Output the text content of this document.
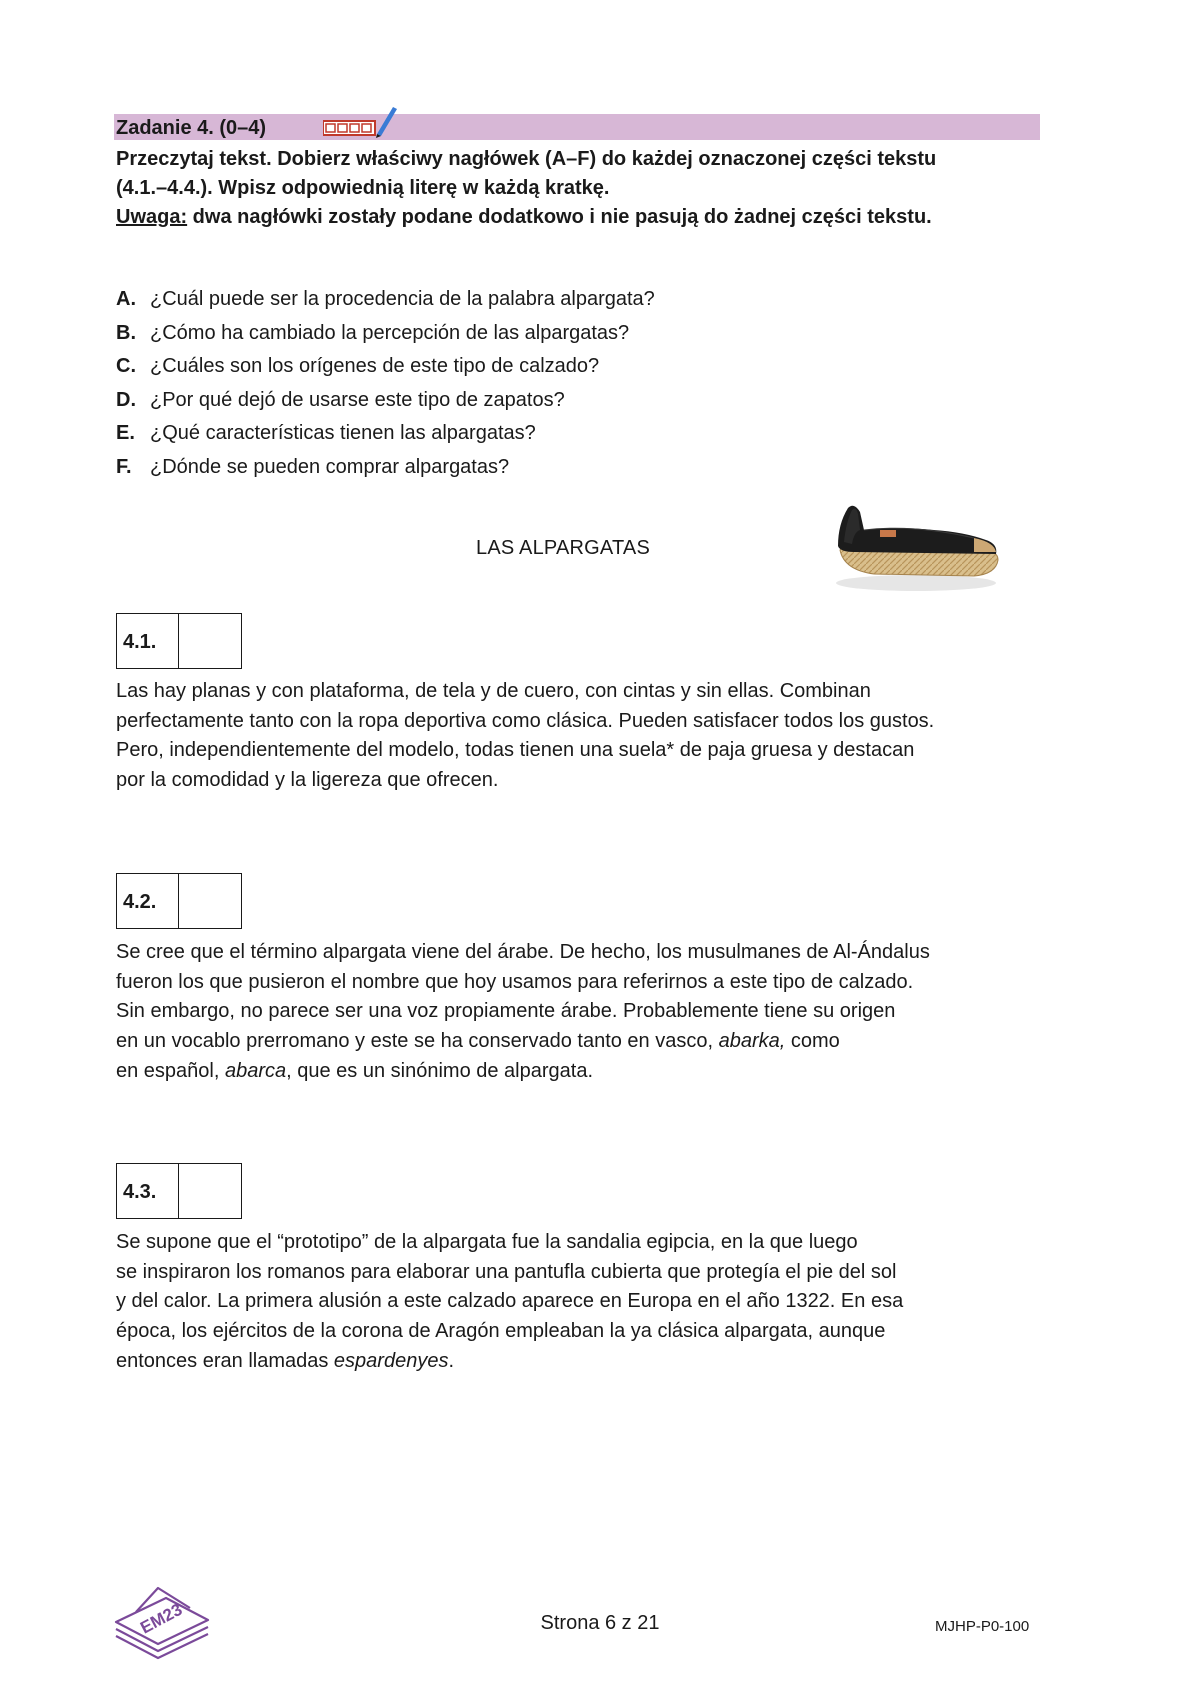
Zadanie 4. (0–4)

Przeczytaj tekst. Dobierz właściwy nagłówek (A–F) do każdej oznaczonej części tekstu

(4.1.–4.4.). Wpisz odpowiednią literę w każdą kratkę.

Uwaga: dwa nagłówki zostały podane dodatkowo i nie pasują do żadnej części tekstu.

A. ¿Cuál puede ser la procedencia de la palabra alpargata?
B. ¿Cómo ha cambiado la percepción de las alpargatas?
C. ¿Cuáles son los orígenes de este tipo de calzado?
D. ¿Por qué dejó de usarse este tipo de zapatos?
E. ¿Qué características tienen las alpargatas?
F. ¿Dónde se pueden comprar alpargatas?
LAS ALPARGATAS
4.1.
Las hay planas y con plataforma, de tela y de cuero, con cintas y sin ellas. Combinan
perfectamente tanto con la ropa deportiva como clásica. Pueden satisfacer todos los gustos.
Pero, independientemente del modelo, todas tienen una suela* de paja gruesa y destacan
por la comodidad y la ligereza que ofrecen.
4.2.
Se cree que el término alpargata viene del árabe. De hecho, los musulmanes de Al-Ándalus
fueron los que pusieron el nombre que hoy usamos para referirnos a este tipo de calzado.
Sin embargo, no parece ser una voz propiamente árabe. Probablemente tiene su origen
en un vocablo prerromano y este se ha conservado tanto en vasco, abarka, como
en español, abarca, que es un sinónimo de alpargata.
4.3.
Se supone que el “prototipo” de la alpargata fue la sandalia egipcia, en la que luego
se inspiraron los romanos para elaborar una pantufla cubierta que protegía el pie del sol
y del calor. La primera alusión a este calzado aparece en Europa en el año 1322. En esa
época, los ejércitos de la corona de Aragón empleaban la ya clásica alpargata, aunque
entonces eran llamadas espardenyes.
EM23	Strona 6 z 21	MJHP-P0-100
